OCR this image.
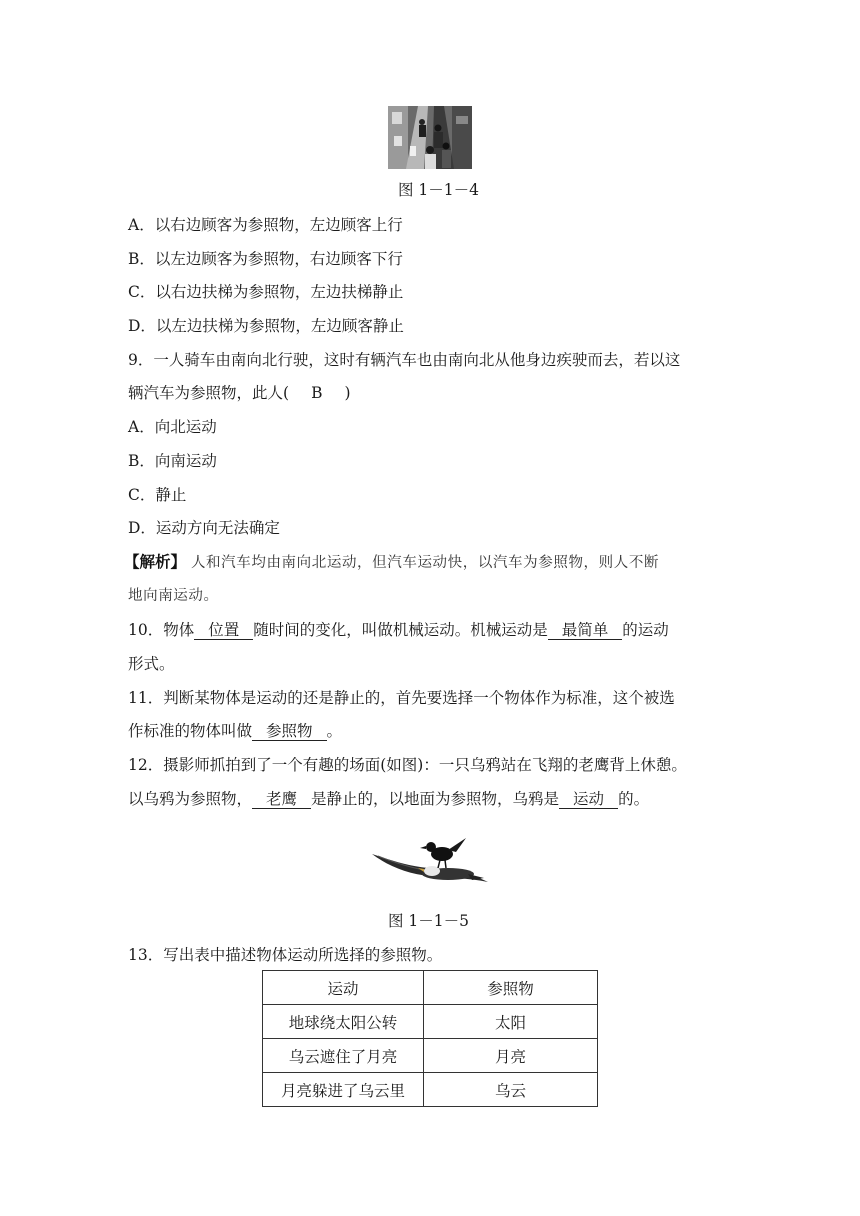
图 1－1－4
A．以右边顾客为参照物，左边顾客上行
B．以左边顾客为参照物，右边顾客下行
C．以右边扶梯为参照物，左边扶梯静止
D．以左边扶梯为参照物，左边顾客静止
9．一人骑车由南向北行驶，这时有辆汽车也由南向北从他身边疾驶而去，若以这
辆汽车为参照物，此人( B )
A．向北运动
B．向南运动
C．静止
D．运动方向无法确定
【解析】 人和汽车均由南向北运动，但汽车运动快，以汽车为参照物，则人不断
地向南运动。
10．物体 位置 随时间的变化，叫做机械运动。机械运动是 最简单 的运动
形式。
11．判断某物体是运动的还是静止的，首先要选择一个物体作为标准，这个被选
作标准的物体叫做 参照物 。
12．摄影师抓拍到了一个有趣的场面(如图)：一只乌鸦站在飞翔的老鹰背上休憩。
以乌鸦为参照物， 老鹰 是静止的，以地面为参照物，乌鸦是 运动 的。
图 1－1－5
13．写出表中描述物体运动所选择的参照物。
运动	参照物
地球绕太阳公转	太阳
乌云遮住了月亮	月亮
月亮躲进了乌云里	乌云
